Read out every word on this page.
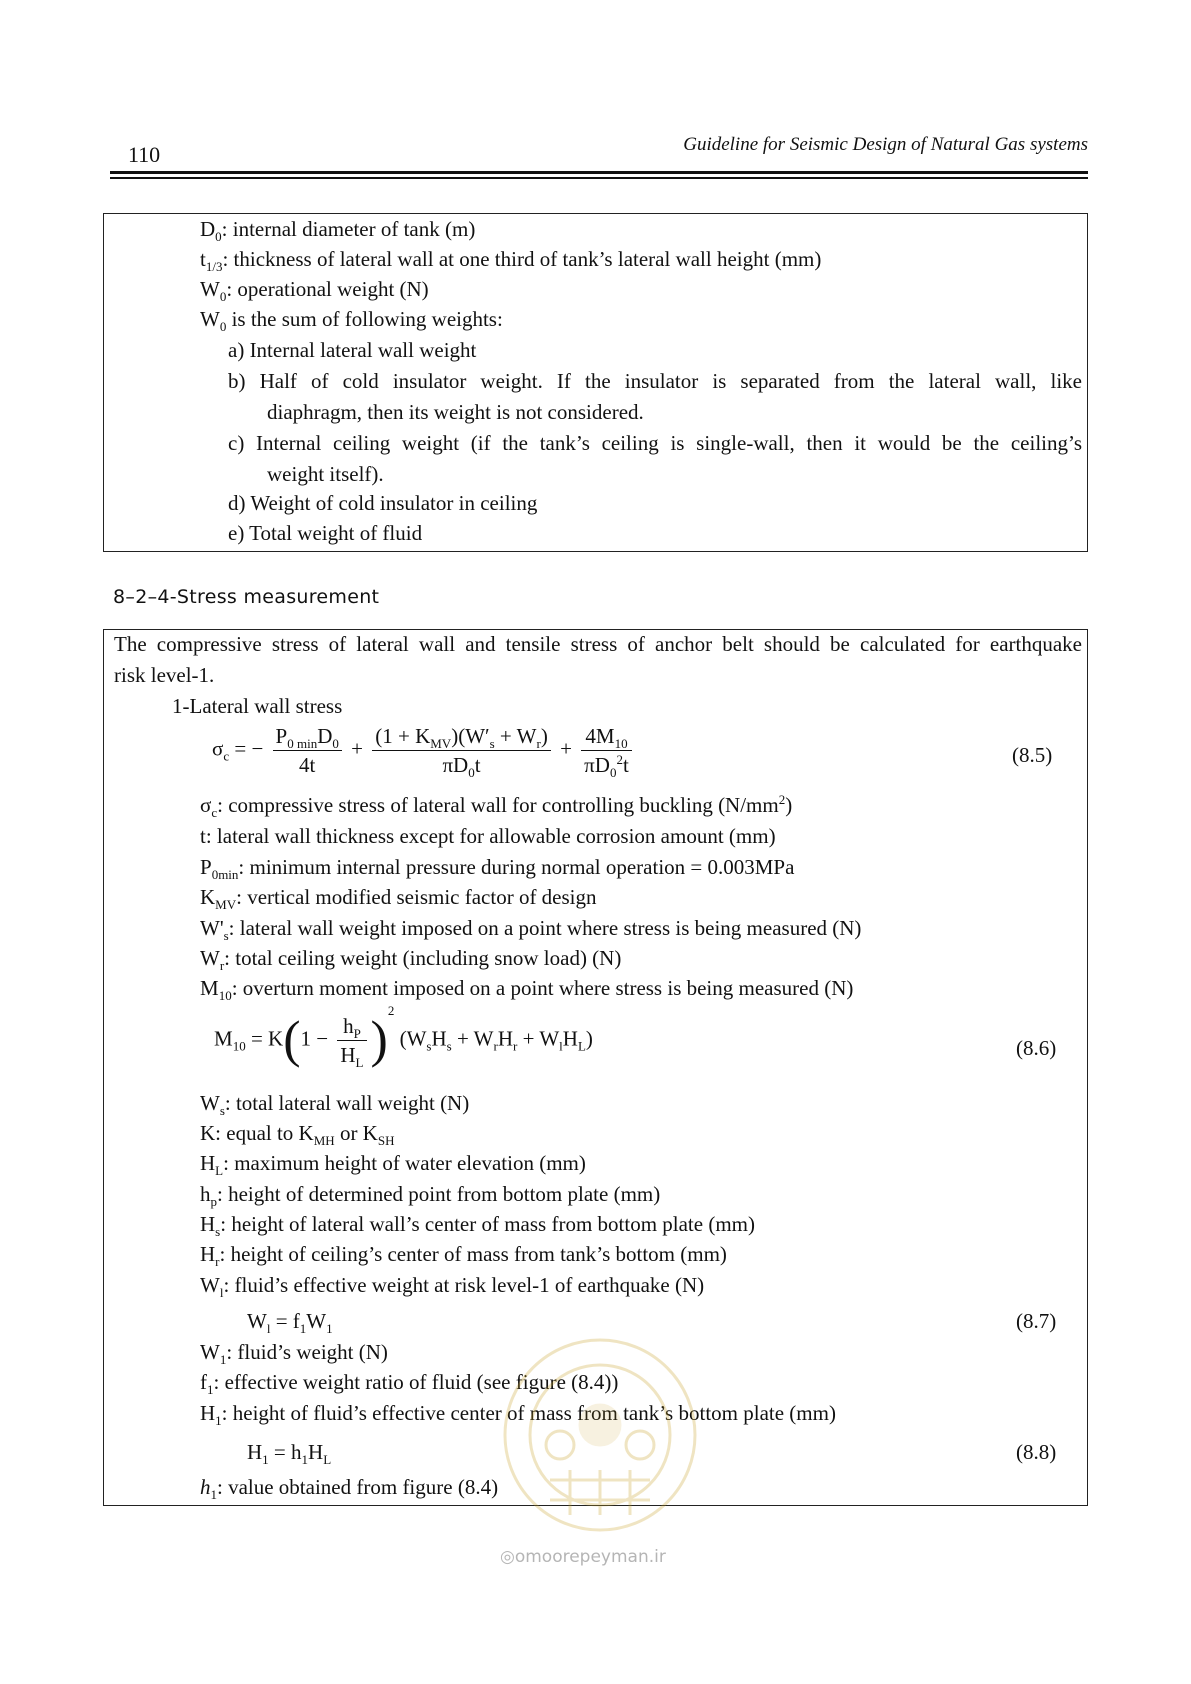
110	Guideline for Seismic Design of Natural Gas systems
$D_0$: internal diameter of tank (m)
$t_{1/3}$: thickness of lateral wall at one third of tank’s lateral wall height (mm)
$W_0$: operational weight (N)
$W_0$ is the sum of following weights:
a) Internal lateral wall weight
b) Half of cold insulator weight. If the insulator is separated from the lateral wall, like
diaphragm, then its weight is not considered.
c) Internal ceiling weight (if the tank’s ceiling is single-wall, then it would be the ceiling’s
weight itself).
d) Weight of cold insulator in ceiling
e) Total weight of fluid
8–2–4-Stress measurement
The compressive stress of lateral wall and tensile stress of anchor belt should be calculated for earthquake
risk level-1.
1-Lateral wall stress
$\sigma_c$ = − $\frac{P_{0 min}D_0}{4t} + \frac{(1 + K_{MV})(W'_s + W_r)}{\pi D_0t} + \frac{4M_{10}}{\pi D_0^2t}$	(8.5)
$\sigma_c$: compressive stress of lateral wall for controlling buckling $(N/mm^2)$
t: lateral wall thickness except for allowable corrosion amount (mm)
$P_{0min}$: minimum internal pressure during normal operation = 0.003MPa
$K_{MV}$: vertical modified seismic factor of design
$W'_s$: lateral wall weight imposed on a point where stress is being measured (N)
$W_r$: total ceiling weight (including snow load) (N)
$M_{10}$: overturn moment imposed on a point where stress is being measured (N)
$M_{10} = K(1 - \frac{h_P}{H_L} )^2$ $(W_sH_s + W_rH_r + W_lH_L)$	(8.6)
$W_s$: total lateral wall weight (N)
K: equal to $K_{MH}$ or $K_{SH}$
$H_L$: maximum height of water elevation (mm)
$h_p$: height of determined point from bottom plate (mm)
$H_s$: height of lateral wall’s center of mass from bottom plate (mm)
$H_r$: height of ceiling’s center of mass from tank’s bottom (mm)
$W_l$: fluid’s effective weight at risk level-1 of earthquake (N)
$W_l = f_1W_1$	(8.7)
$W_1$: fluid’s weight (N)
$f_1$: effective weight ratio of fluid (see figure (8.4))
$H_1$: height of fluid’s effective center of mass from tank’s bottom plate (mm)
$H_1 = h_1H_L$	(8.8)
$h_1$: value obtained from figure (8.4)
◎omoorepeyman.ir
